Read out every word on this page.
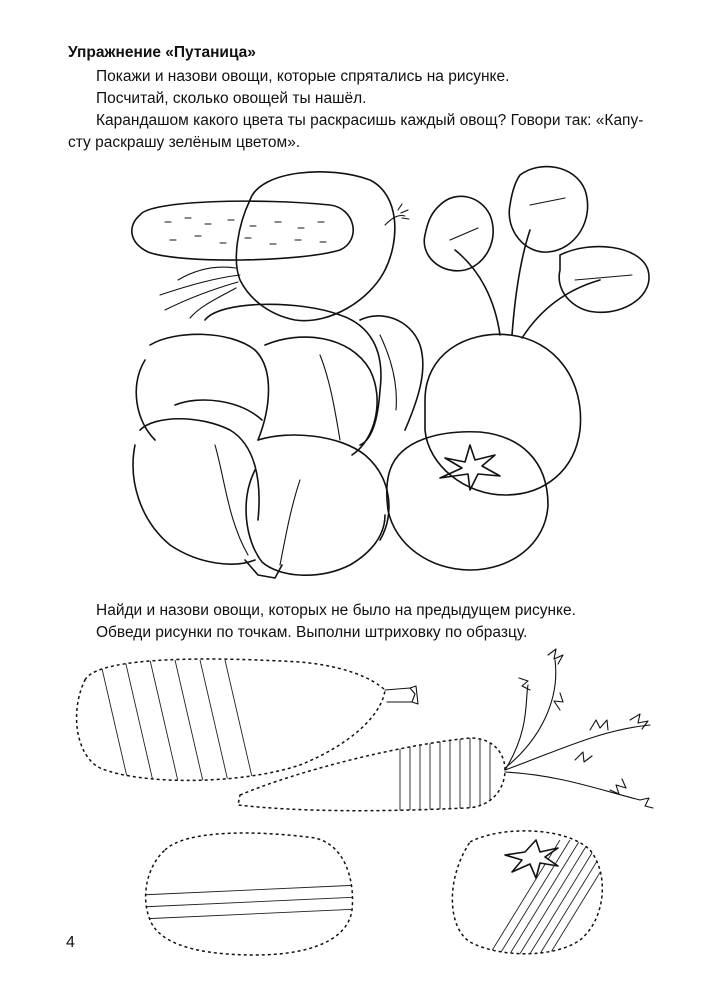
Упражнение «Путаница»
Покажи и назови овощи, которые спрятались на рисунке.
Посчитай, сколько овощей ты нашёл.
Карандашом какого цвета ты раскрасишь каждый овощ? Говори так: «Капу-
сту раскрашу зелёным цветом».
Найди и назови овощи, которых не было на предыдущем рисунке.
Обведи рисунки по точкам. Выполни штриховку по образцу.
4
